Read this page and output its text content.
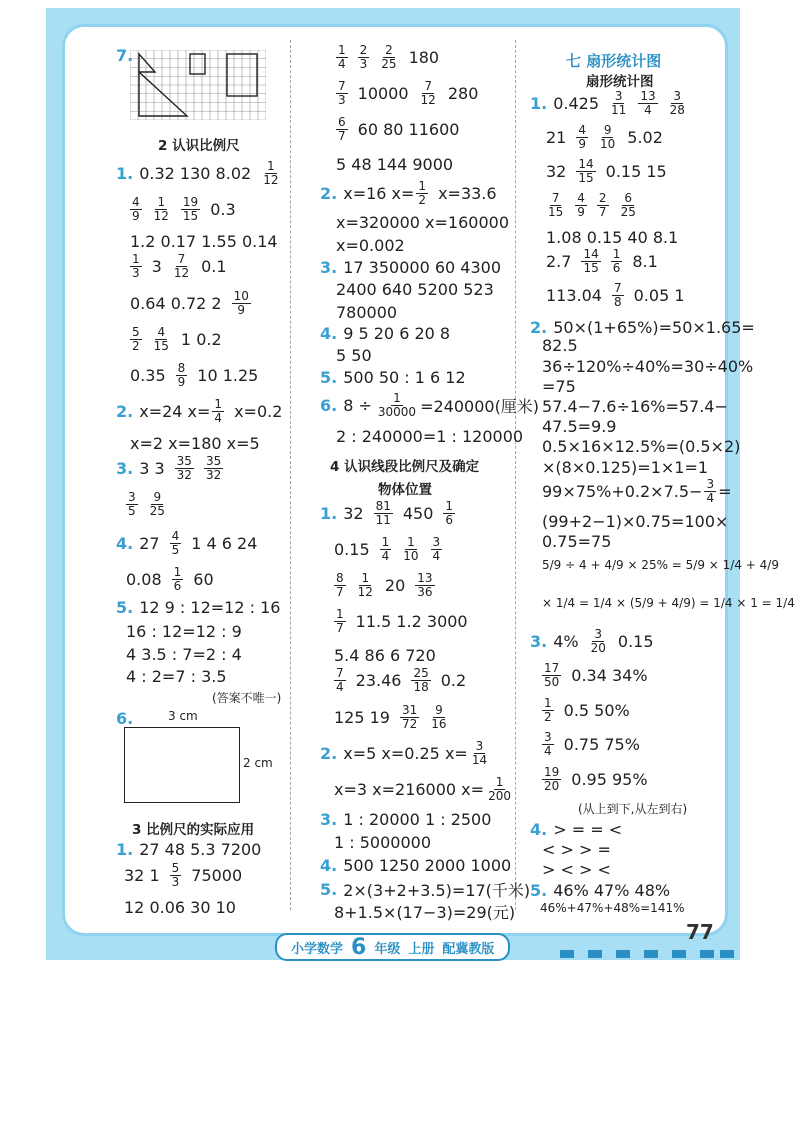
7.
2 认识比例尺
1. 0.32 130 8.02 1
12
4
9
1
12
19
15 0.3
1.2 0.17 1.55 0.14
1
3 3 7
12 0.1
0.64 0.72 2 10
9
5
2
4
15 1 0.2
0.35 8
9 10 1.25
2. x=24 $x= \frac{1}{4} x=0.2$
x=2 x=180 x=5
3. 3 3 35
32
35
32
3
5
9
25
4. 27 4
5 1 4 6 24
0.08 1
6 60
5. 12 9 : 12=12 : 16
16 : 12=12 : 9
4 3.5 : 7=2 : 4
4 : 2=7 : 3.5
(答案不唯一)
6.	3 cm
2 cm
3 比例尺的实际应用
1. 27 48 5.3 7200
32 1 5
3 75000
12 0.06 30 10
1
4
2
3
2
25 180
7
3 10000 7
12 280
6
7 60 80 11600
5 48 144 9000
2. x=16 $x= \frac{1}{2} x=33.6$
x=320000 x=160000
x=0.002
3. 17 350000 60 4300
2400 640 5200 523
780000
4. 9 5 20 6 20 8
5 50
5. 500 50 : 1 6 12
6. $8 \div \frac{1}{30000} =240000$(厘米)
2 : 240000=1 : 120000
4 认识线段比例尺及确定
物体位置
1. 32 81
11 450 1
6
0.15 1
4
1
10
3
4
8
7
1
12 20 13
36
1
7 11.5 1.2 3000
5.4 86 6 720
7
4 23.46 25
18 0.2
125 19 31
72
9
16
2. x=5 x=0.25 $x= \frac{3}{14}$
x=3 x=216000 $x= \frac{1}{200}$
3. 1 : 20000 1 : 2500
1 : 5000000
4. 500 1250 2000 1000
5. 2×(3+2+3.5)=17(千米)
8+1.5×(17−3)=29(元)
七 扇形统计图
扇形统计图
1. 0.425 3
11
13
4
3
28
21 4
9
9
10 5.02
32 14
15 0.15 15
7
15
4
9
2
7
6
25
1.08 0.15 40 8.1
2.7 14
15
1
6 8.1
113.04 7
8 0.05 1
2. 50×(1+65%)=50×1.65=
82.5
36÷120%÷40%=30÷40%
=75
57.4−7.6÷16%=57.4−
47.5=9.9
0.5×16×12.5%=(0.5×2)
×(8×0.125)=1×1=1
$99\times 75\%+0.2\times 7.5- \frac{3}{4}$ =
(99+2−1)×0.75=100×
0.75=75
5/9 ÷ 4 + 4/9 × 25% = 5/9 × 1/4 + 4/9
× 1/4 = 1/4 × (5/9 + 4/9) = 1/4 × 1 = 1/4
3. 4% 3
20 0.15
17
50 0.34 34%
1
2 0.5 50%
3
4 0.75 75%
19
20 0.95 95%
(从上到下,从左到右)
4. > = = <
< > > =
> < > <
5. 46% 47% 48%
46%+47%+48%=141%
小学数学 6 年级 上册 配冀教版
77
